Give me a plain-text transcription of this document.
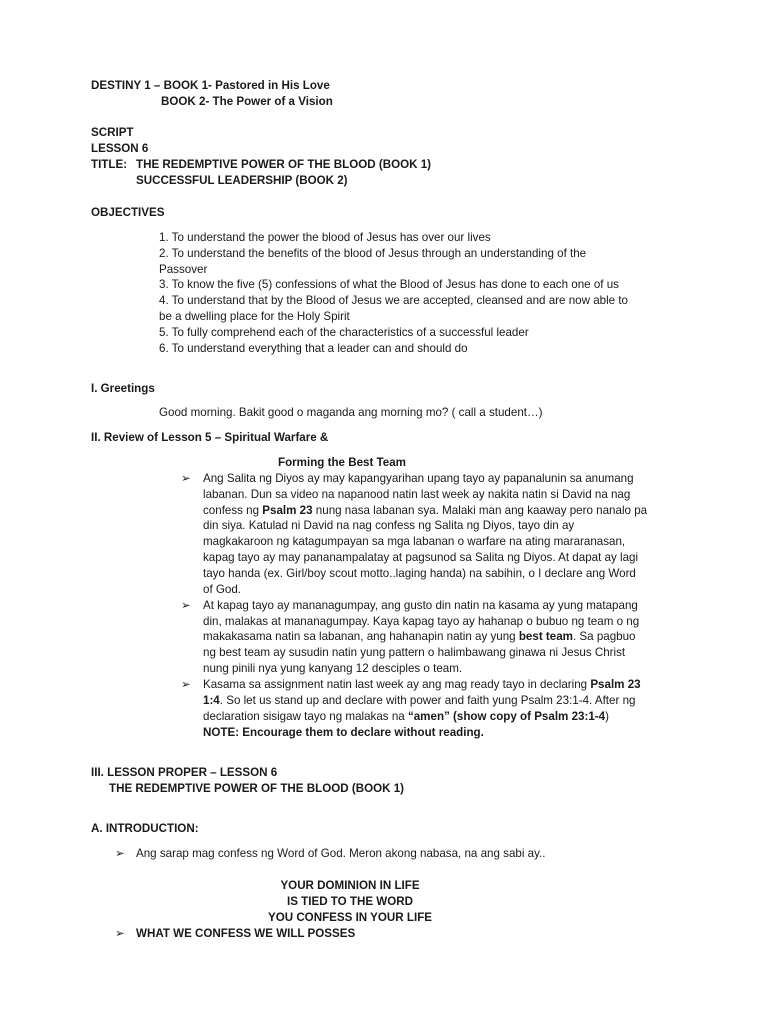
DESTINY 1 – BOOK 1- Pastored in His Love
BOOK 2- The Power of a Vision
SCRIPT
LESSON 6
TITLE: THE REDEMPTIVE POWER OF THE BLOOD (BOOK 1)
SUCCESSFUL LEADERSHIP (BOOK 2)
OBJECTIVES
1. To understand the power the blood of Jesus has over our lives
2. To understand the benefits of the blood of Jesus through an understanding of the
Passover
3. To know the five (5) confessions of what the Blood of Jesus has done to each one of us
4. To understand that by the Blood of Jesus we are accepted, cleansed and are now able to
be a dwelling place for the Holy Spirit
5. To fully comprehend each of the characteristics of a successful leader
6. To understand everything that a leader can and should do
I. Greetings
Good morning. Bakit good o maganda ang morning mo? ( call a student…)
II. Review of Lesson 5 – Spiritual Warfare &
Forming the Best Team
➢ Ang Salita ng Diyos ay may kapangyarihan upang tayo ay papanalunin sa anumang
labanan. Dun sa video na napanood natin last week ay nakita natin si David na nag
confess ng Psalm 23 nung nasa labanan sya. Malaki man ang kaaway pero nanalo pa
din siya. Katulad ni David na nag confess ng Salita ng Diyos, tayo din ay
magkakaroon ng katagumpayan sa mga labanan o warfare na ating mararanasan,
kapag tayo ay may pananampalatay at pagsunod sa Salita ng Diyos. At dapat ay lagi
tayo handa (ex. Girl/boy scout motto..laging handa) na sabihin, o I declare ang Word
of God.
➢ At kapag tayo ay mananagumpay, ang gusto din natin na kasama ay yung matapang
din, malakas at mananagumpay. Kaya kapag tayo ay hahanap o bubuo ng team o ng
makakasama natin sa labanan, ang hahanapin natin ay yung best team. Sa pagbuo
ng best team ay susudin natin yung pattern o halimbawang ginawa ni Jesus Christ
nung pinili nya yung kanyang 12 desciples o team.
➢ Kasama sa assignment natin last week ay ang mag ready tayo in declaring Psalm 23
1:4. So let us stand up and declare with power and faith yung Psalm 23:1-4. After ng
declaration sisigaw tayo ng malakas na “amen” (show copy of Psalm 23:1-4)
NOTE: Encourage them to declare without reading.
III. LESSON PROPER – LESSON 6
THE REDEMPTIVE POWER OF THE BLOOD (BOOK 1)
A. INTRODUCTION:
➢ Ang sarap mag confess ng Word of God. Meron akong nabasa, na ang sabi ay..
YOUR DOMINION IN LIFE
IS TIED TO THE WORD
YOU CONFESS IN YOUR LIFE
➢ WHAT WE CONFESS WE WILL POSSES
